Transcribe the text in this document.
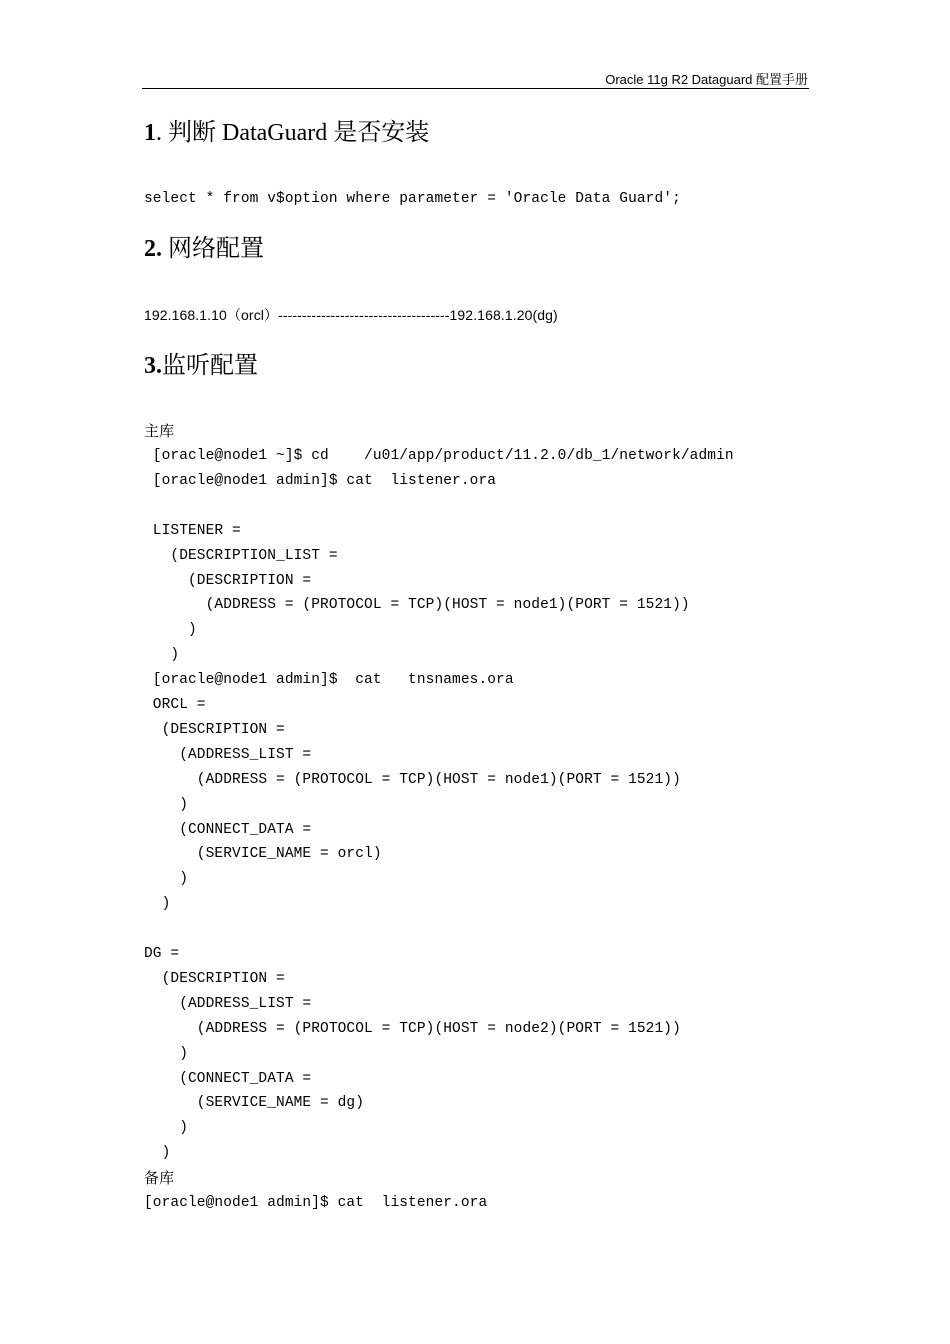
Oracle 11g R2 Dataguard 配置手册
1. 判断 DataGuard 是否安装
select * from v$option where parameter = 'Oracle Data Guard';
2. 网络配置
192.168.1.10（orcl）------------------------------------192.168.1.20(dg)
3.监听配置
主库
[oracle@node1 ~]$ cd    /u01/app/product/11.2.0/db_1/network/admin
[oracle@node1 admin]$ cat  listener.ora
LISTENER =
(DESCRIPTION_LIST =
(DESCRIPTION =
(ADDRESS = (PROTOCOL = TCP)(HOST = node1)(PORT = 1521))
)
)
[oracle@node1 admin]$  cat   tnsnames.ora
ORCL =
(DESCRIPTION =
(ADDRESS_LIST =
(ADDRESS = (PROTOCOL = TCP)(HOST = node1)(PORT = 1521))
)
(CONNECT_DATA =
(SERVICE_NAME = orcl)
)
)
DG =
(DESCRIPTION =
(ADDRESS_LIST =
(ADDRESS = (PROTOCOL = TCP)(HOST = node2)(PORT = 1521))
)
(CONNECT_DATA =
(SERVICE_NAME = dg)
)
)
备库
[oracle@node1 admin]$ cat  listener.ora
